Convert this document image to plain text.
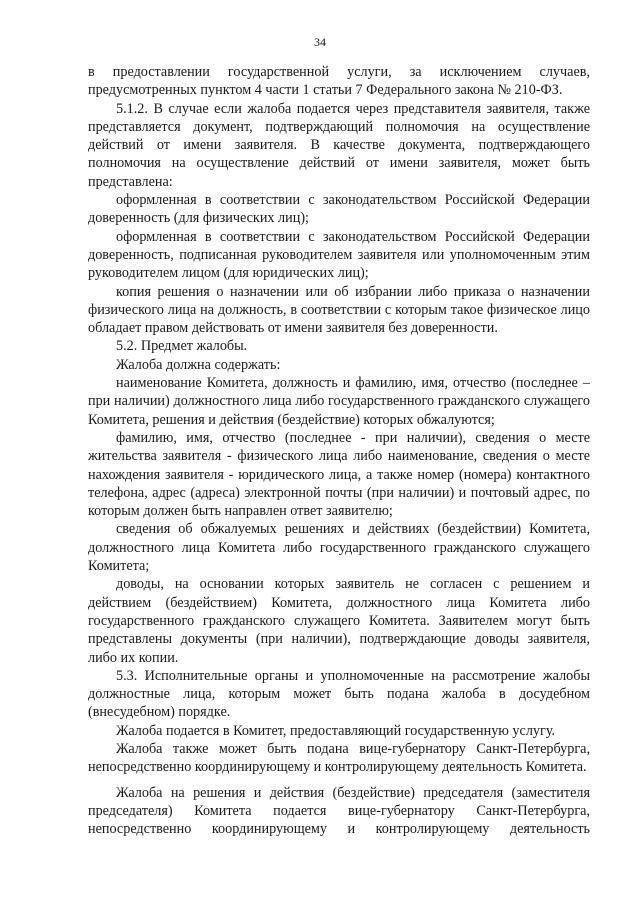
34

в предоставлении государственной услуги, за исключением случаев, предусмотренных пунктом 4 части 1 статьи 7 Федерального закона № 210-ФЗ.

5.1.2. В случае если жалоба подается через представителя заявителя, также представляется документ, подтверждающий полномочия на осуществление действий от имени заявителя. В качестве документа, подтверждающего полномочия на осуществление действий от имени заявителя, может быть представлена:

оформленная в соответствии с законодательством Российской Федерации доверенность (для физических лиц);

оформленная в соответствии с законодательством Российской Федерации доверенность, подписанная руководителем заявителя или уполномоченным этим руководителем лицом (для юридических лиц);

копия решения о назначении или об избрании либо приказа о назначении физического лица на должность, в соответствии с которым такое физическое лицо обладает правом действовать от имени заявителя без доверенности.

5.2. Предмет жалобы.

Жалоба должна содержать:

наименование Комитета, должность и фамилию, имя, отчество (последнее – при наличии) должностного лица либо государственного гражданского служащего Комитета, решения и действия (бездействие) которых обжалуются;

фамилию, имя, отчество (последнее - при наличии), сведения о месте жительства заявителя - физического лица либо наименование, сведения о месте нахождения заявителя - юридического лица, а также номер (номера) контактного телефона, адрес (адреса) электронной почты (при наличии) и почтовый адрес, по которым должен быть направлен ответ заявителю;

сведения об обжалуемых решениях и действиях (бездействии) Комитета, должностного лица Комитета либо государственного гражданского служащего Комитета;

доводы, на основании которых заявитель не согласен с решением и действием (бездействием) Комитета, должностного лица Комитета либо государственного гражданского служащего Комитета. Заявителем могут быть представлены документы (при наличии), подтверждающие доводы заявителя, либо их копии.

5.3. Исполнительные органы и уполномоченные на рассмотрение жалобы должностные лица, которым может быть подана жалоба в досудебном (внесудебном) порядке.

Жалоба подается в Комитет, предоставляющий государственную услугу.

Жалоба также может быть подана вице-губернатору Санкт-Петербурга, непосредственно координирующему и контролирующему деятельность Комитета.

Жалоба на решения и действия (бездействие) председателя (заместителя председателя) Комитета подается вице-губернатору Санкт-Петербурга, непосредственно координирующему и контролирующему деятельность
